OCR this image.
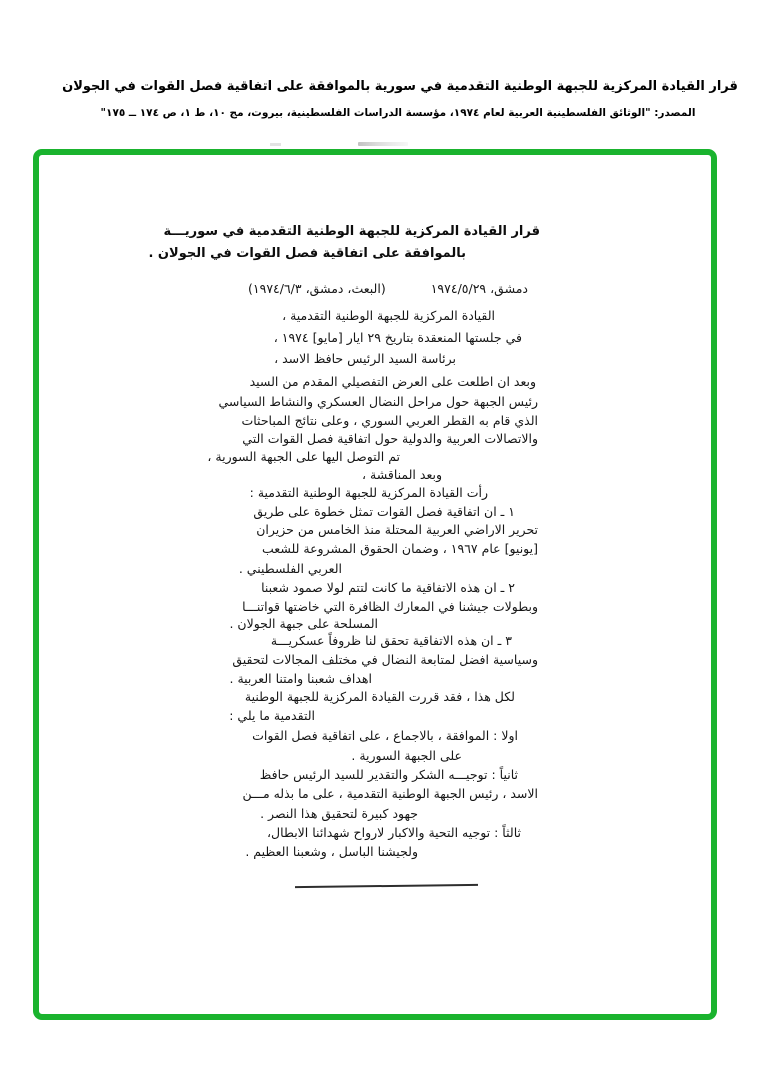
قرار القيادة المركزية للجبهة الوطنية التقدمية في سورية بالموافقة على اتفاقية فصل القوات في الجولان
المصدر: "الوثائق الفلسطينية العربية لعام ١٩٧٤، مؤسسة الدراسات الفلسطينية، بيروت، مج ١٠، ط ١، ص ١٧٤ ــ ١٧٥"
قرار القيادة المركزية للجبهة الوطنية التقدمية في سوريـــة
بالموافقة على اتفاقية فصل القوات في الجولان .
دمشق، ١٩٧٤/٥/٢٩
(البعث، دمشق، ١٩٧٤/٦/٣)
القيادة المركزية للجبهة الوطنية التقدمية ،
في جلستها المنعقدة بتاريخ ٢٩ ايار [مايو] ١٩٧٤ ،
برئاسة السيد الرئيس حافظ الاسد ،
وبعد ان اطلعت على العرض التفصيلي المقدم من السيد
رئيس الجبهة حول مراحل النضال العسكري والنشاط السياسي
الذي قام به القطر العربي السوري ، وعلى نتائج المباحثات
والاتصالات العربية والدولية حول اتفاقية فصل القوات التي
تم التوصل اليها على الجبهة السورية ،
وبعد المناقشة ،
رأت القيادة المركزية للجبهة الوطنية التقدمية :
١ ـ ان اتفاقية فصل القوات تمثل خطوة على طريق
تحرير الاراضي العربية المحتلة منذ الخامس من حزيران
[يونيو] عام ١٩٦٧ ، وضمان الحقوق المشروعة للشعب
العربي الفلسطيني .
٢ ـ ان هذه الاتفاقية ما كانت لتتم لولا صمود شعبنا
وبطولات جيشنا في المعارك الظافرة التي خاضتها قواتنـــا
المسلحة على جبهة الجولان .
٣ ـ ان هذه الاتفاقية تحقق لنا ظروفاً عسكريـــة
وسياسية افضل لمتابعة النضال في مختلف المجالات لتحقيق
اهداف شعبنا وامتنا العربية .
لكل هذا ، فقد قررت القيادة المركزية للجبهة الوطنية
التقدمية ما يلي :
اولا : الموافقة ، بالاجماع ، على اتفاقية فصل القوات
على الجبهة السورية .
ثانياً : توجيـــه الشكر والتقدير للسيد الرئيس حافظ
الاسد ، رئيس الجبهة الوطنية التقدمية ، على ما بذله مـــن
جهود كبيرة لتحقيق هذا النصر .
ثالثاً : توجيه التحية والاكبار لارواح شهدائنا الابطال،
ولجيشنا الباسل ، وشعبنا العظيم .
